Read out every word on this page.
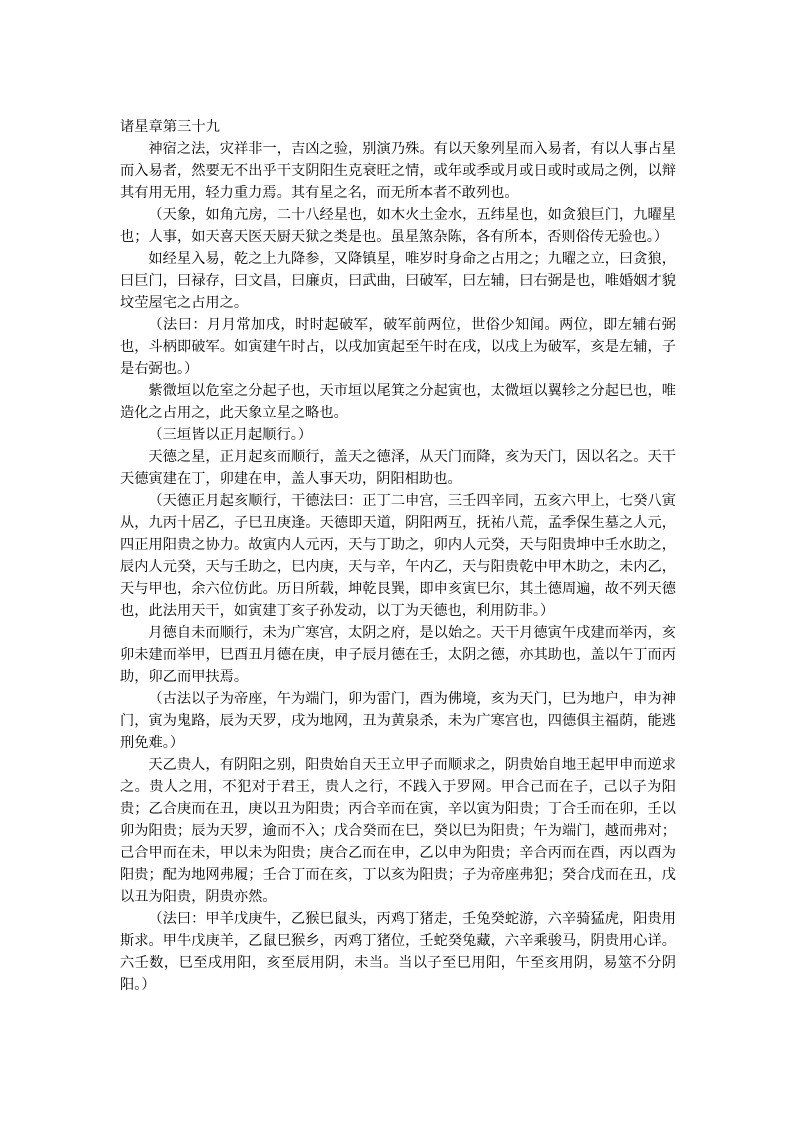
诸星章第三十九

神宿之法，灾祥非一，吉凶之验，别演乃殊。有以天象列星而入易者，有以人事占星而入易者，然要无不出乎干支阴阳生克衰旺之情，或年或季或月或日或时或局之例，以辩其有用无用，轻力重力焉。其有星之名，而无所本者不敢列也。

（天象，如角亢房，二十八经星也，如木火土金水，五纬星也，如贪狼巨门，九曜星也；人事，如天喜天医天厨天狱之类是也。虽星煞杂陈，各有所本，否则俗传无验也。）

如经星入易，乾之上九降参，又降镇星，唯岁时身命之占用之；九曜之立，曰贪狼，曰巨门，曰禄存，曰文昌，曰廉贞，曰武曲，曰破军，曰左辅，曰右弼是也，唯婚姻才貌坟茔屋宅之占用之。

（法曰：月月常加戌，时时起破军，破军前两位，世俗少知闻。两位，即左辅右弼也，斗柄即破军。如寅建午时占，以戌加寅起至午时在戌，以戌上为破军，亥是左辅，子是右弼也。）

紫微垣以危室之分起子也，天市垣以尾箕之分起寅也，太微垣以翼轸之分起巳也，唯造化之占用之，此天象立星之略也。

（三垣皆以正月起顺行。）

天德之星，正月起亥而顺行，盖天之德泽，从天门而降，亥为天门，因以名之。天干天德寅建在丁，卯建在申，盖人事天功，阴阳相助也。

（天德正月起亥顺行，干德法曰：正丁二申宫，三壬四辛同，五亥六甲上，七癸八寅从，九丙十居乙，子巳丑庚逢。天德即天道，阴阳两互，抚祐八荒，孟季保生墓之人元，四正用阳贵之协力。故寅内人元丙，天与丁助之，卯内人元癸，天与阳贵坤中壬水助之，辰内人元癸，天与壬助之，巳内庚，天与辛，午内乙，天与阳贵乾中甲木助之，未内乙，天与甲也，余六位仿此。历日所载，坤乾艮巽，即申亥寅巳尔，其土德周遍，故不列天德也，此法用天干，如寅建丁亥子孙发动，以丁为天德也，利用防非。）

月德自未而顺行，未为广寒宫，太阴之府，是以始之。天干月德寅午戌建而举丙，亥卯未建而举甲，巳酉丑月德在庚，申子辰月德在壬，太阴之德，亦其助也，盖以午丁而丙助，卯乙而甲扶焉。

（古法以子为帝座，午为端门，卯为雷门，酉为佛境，亥为天门，巳为地户，申为神门，寅为鬼路，辰为天罗，戌为地网，丑为黄泉杀，未为广寒宫也，四德俱主福荫，能逃刑免难。）

天乙贵人，有阴阳之别，阳贵始自天王立甲子而顺求之，阴贵始自地王起甲申而逆求之。贵人之用，不犯对于君王，贵人之行，不践入于罗网。甲合己而在子，己以子为阳贵；乙合庚而在丑，庚以丑为阳贵；丙合辛而在寅，辛以寅为阳贵；丁合壬而在卯，壬以卯为阳贵；辰为天罗，逾而不入；戊合癸而在巳，癸以巳为阳贵；午为端门，越而弗对；己合甲而在未，甲以未为阳贵；庚合乙而在申，乙以申为阳贵；辛合丙而在酉，丙以酉为阳贵；配为地网弗履；壬合丁而在亥，丁以亥为阳贵；子为帝座弗犯；癸合戊而在丑，戊以丑为阳贵，阴贵亦然。

（法曰：甲羊戊庚牛，乙猴巳鼠头，丙鸡丁猪走，壬兔癸蛇游，六辛骑猛虎，阳贵用斯求。甲牛戊庚羊，乙鼠巳猴乡，丙鸡丁猪位，壬蛇癸兔藏，六辛乘骏马，阴贵用心详。六壬数，巳至戌用阳，亥至辰用阴，未当。当以子至巳用阳，午至亥用阴，易筮不分阴阳。）
